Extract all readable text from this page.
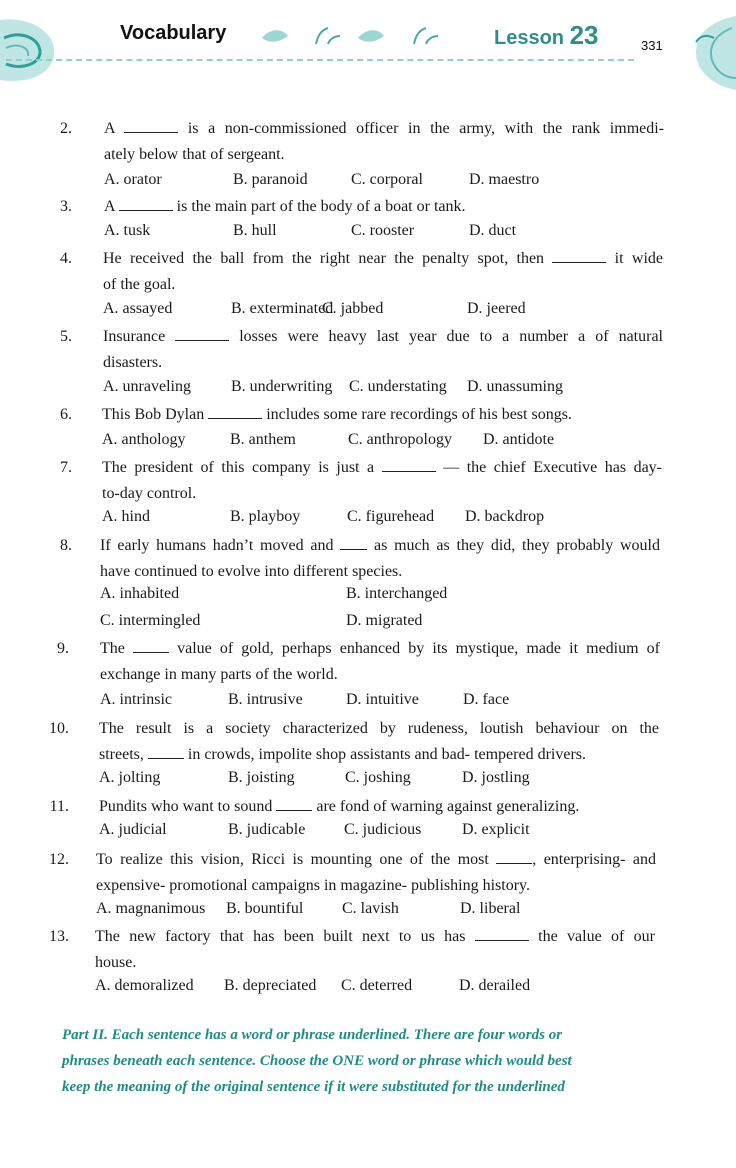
Vocabulary	Lesson 23	331
2. A	is a non-commissioned officer in the army, with the rank immedi-
ately below that of sergeant.
A. orator	B. paranoid	C. corporal	D. maestro
3. A	is the main part of the body of a boat or tank.
A. tusk	B. hull	C. rooster	D. duct
4. He received the ball from the right near the penalty spot, then	it wide
of the goal.
A. assayed	B. exterminated
C. jabbed	D. jeered
5. Insurance	losses were heavy last year due to a number a of natural
disasters.
A. unraveling	B. underwriting C. understating D. unassuming
6. This Bob Dylan	includes some rare recordings of his best songs.
A. anthology	B. anthem	C. anthropology D. antidote
7. The president of this company is just a	— the chief Executive has day-
to-day control.
A. hind	B. playboy	C. figurehead D. backdrop
8. If early humans hadn’t moved and  as much as they did, they probably would
have continued to evolve into different species.
A. inhabited	B. interchanged
C. intermingled	D. migrated
9. The  value of gold, perhaps enhanced by its mystique, made it medium of
exchange in many parts of the world.
A. intrinsic	B. intrusive	D. intuitive	D. face
10. The result is a society characterized by rudeness, loutish behaviour on the
streets,  in crowds, impolite shop assistants and bad- tempered drivers.
A. jolting	B. joisting	C. joshing	D. jostling
11. Pundits who want to sound  are fond of warning against generalizing.
A. judicial	B. judicable C. judicious	D. explicit
12. To realize this vision, Ricci is mounting one of the most , enterprising- and
expensive- promotional campaigns in magazine- publishing history.
A. magnanimous B. bountiful C. lavish	D. liberal
13. The new factory that has been built next to us has	the value of our
house.
A. demoralized B. depreciated C. deterred	D. derailed
Part II. Each sentence has a word or phrase underlined. There are four words or
phrases beneath each sentence. Choose the ONE word or phrase which would best
keep the meaning of the original sentence if it were substituted for the underlined
